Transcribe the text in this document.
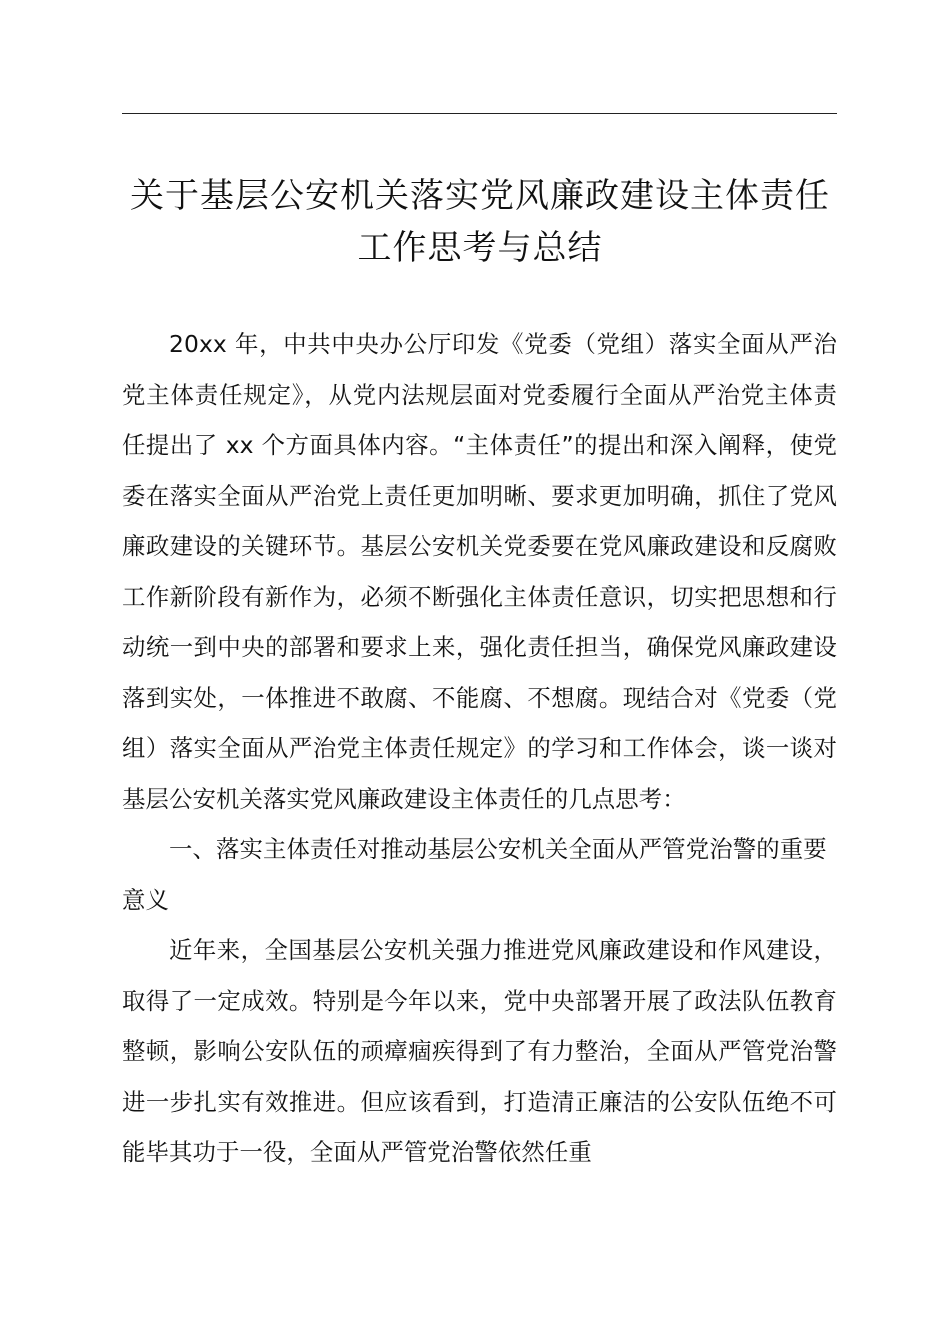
关于基层公安机关落实党风廉政建设主体责任
工作思考与总结

20xx 年，中共中央办公厅印发《党委（党组）落实全面从严治党主体责任规定》，从党内法规层面对党委履行全面从严治党主体责任提出了 xx 个方面具体内容。“主体责任”的提出和深入阐释，使党委在落实全面从严治党上责任更加明晰、要求更加明确，抓住了党风廉政建设的关键环节。基层公安机关党委要在党风廉政建设和反腐败工作新阶段有新作为，必须不断强化主体责任意识，切实把思想和行动统一到中央的部署和要求上来，强化责任担当，确保党风廉政建设落到实处，一体推进不敢腐、不能腐、不想腐。现结合对《党委（党组）落实全面从严治党主体责任规定》的学习和工作体会，谈一谈对基层公安机关落实党风廉政建设主体责任的几点思考：

一、落实主体责任对推动基层公安机关全面从严管党治警的重要意义

近年来，全国基层公安机关强力推进党风廉政建设和作风建设，取得了一定成效。特别是今年以来，党中央部署开展了政法队伍教育整顿，影响公安队伍的顽瘴痼疾得到了有力整治，全面从严管党治警进一步扎实有效推进。但应该看到，打造清正廉洁的公安队伍绝不可能毕其功于一役，全面从严管党治警依然任重
